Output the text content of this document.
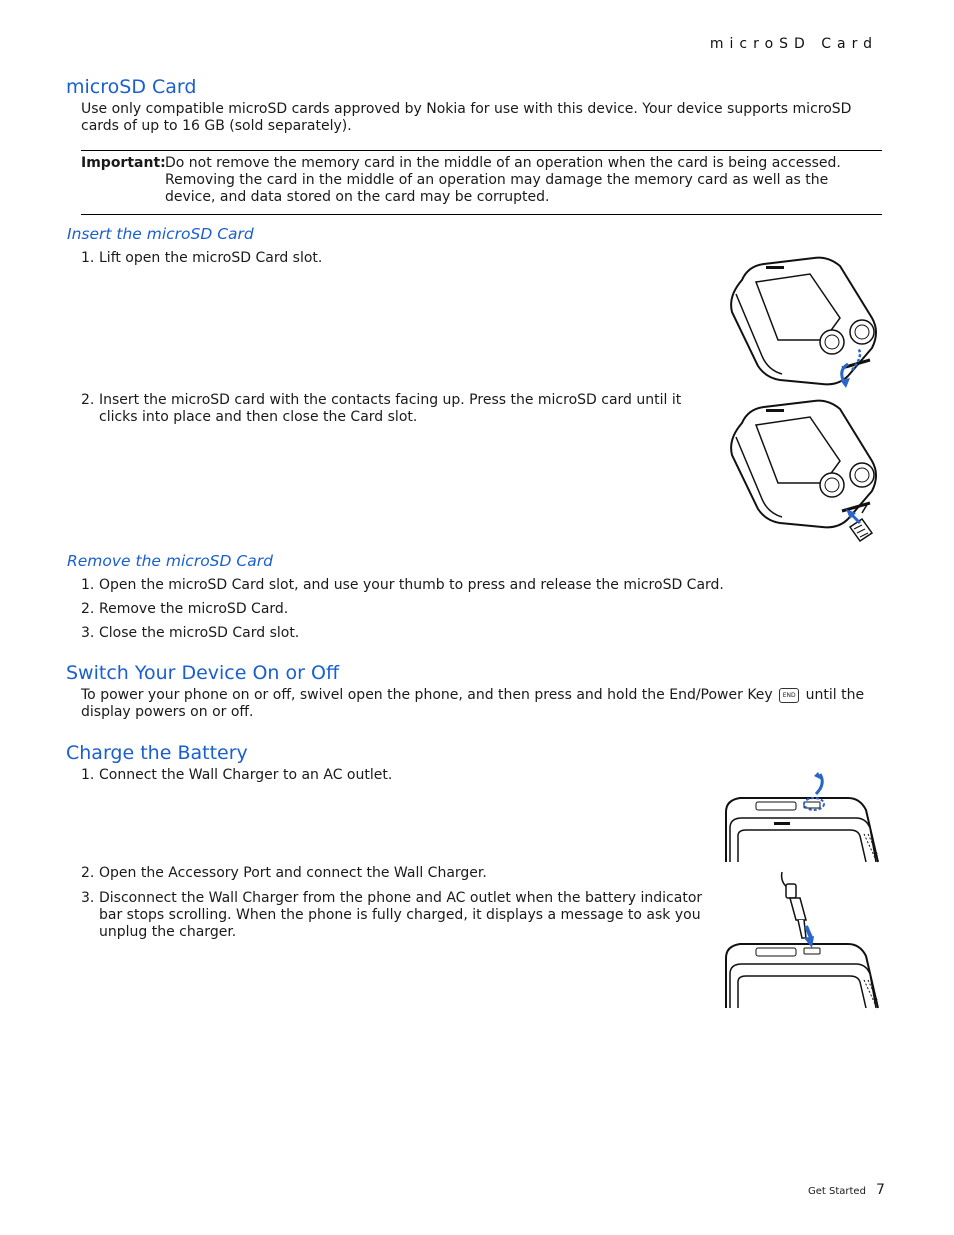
microSD Card
microSD Card
Use only compatible microSD cards approved by Nokia for use with this device. Your device supports microSD cards of up to 16 GB (sold separately).
Important: Do not remove the memory card in the middle of an operation when the card is being accessed. Removing the card in the middle of an operation may damage the memory card as well as the device, and data stored on the card may be corrupted.
Insert the microSD Card
1. Lift open the microSD Card slot.
2. Insert the microSD card with the contacts facing up. Press the microSD card until it clicks into place and then close the Card slot.
Remove the microSD Card
1. Open the microSD Card slot, and use your thumb to press and release the microSD Card.
2. Remove the microSD Card.
3. Close the microSD Card slot.
Switch Your Device On or Off
To power your phone on or off, swivel open the phone, and then press and hold the End/Power Key END until the display powers on or off.
Charge the Battery
1. Connect the Wall Charger to an AC outlet.
2. Open the Accessory Port and connect the Wall Charger.
3. Disconnect the Wall Charger from the phone and AC outlet when the battery indicator bar stops scrolling. When the phone is fully charged, it displays a message to ask you unplug the charger.
Get Started 7
